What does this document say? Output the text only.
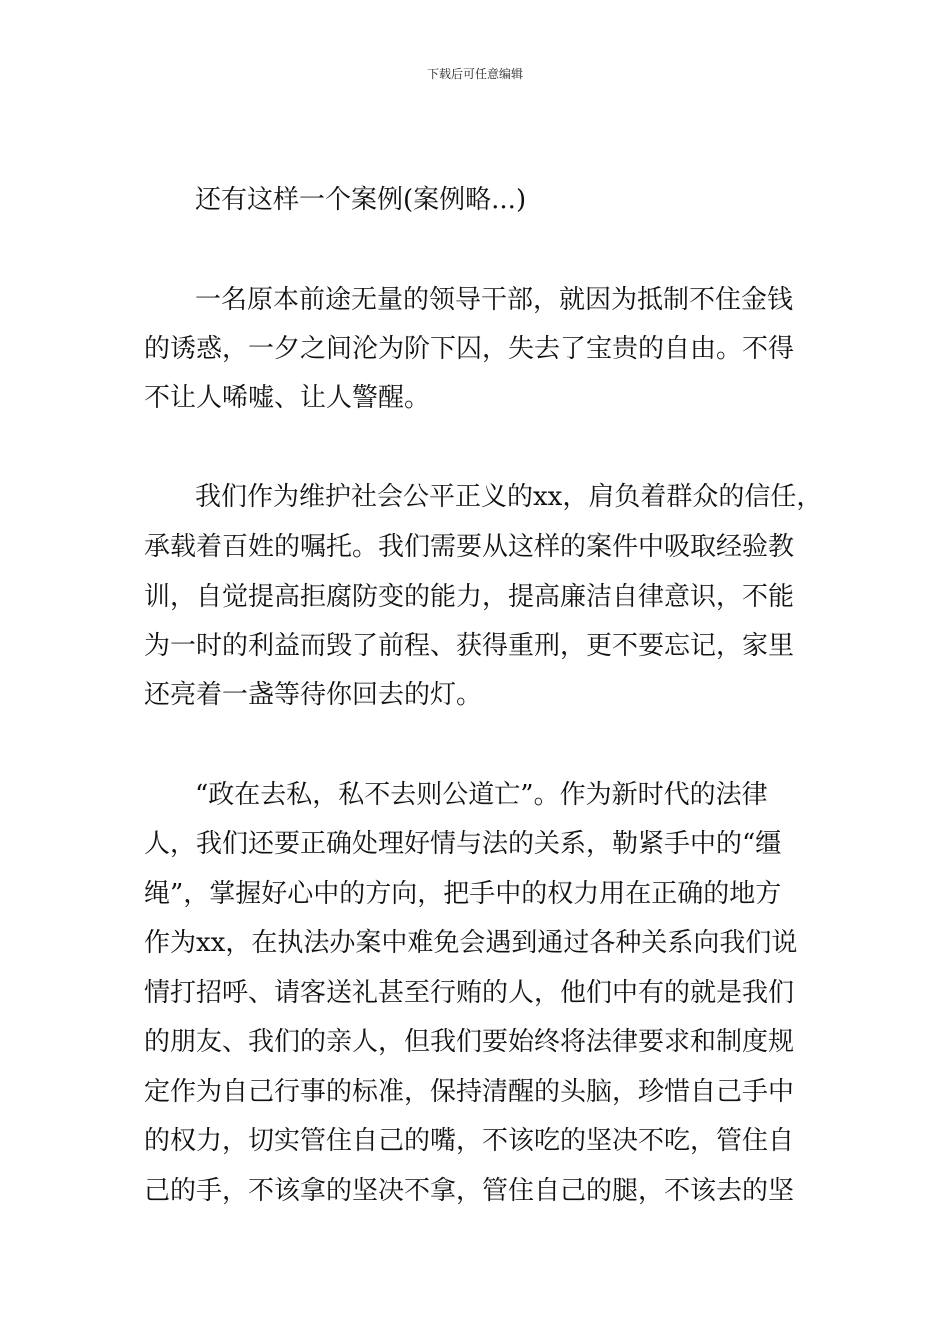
下载后可任意编辑
还有这样一个案例(案例略...)
一名原本前途无量的领导干部，就因为抵制不住金钱
的诱惑，一夕之间沦为阶下囚，失去了宝贵的自由。不得
不让人唏嘘、让人警醒。
我们作为维护社会公平正义的xx，肩负着群众的信任，
承载着百姓的嘱托。我们需要从这样的案件中吸取经验教
训，自觉提高拒腐防变的能力，提高廉洁自律意识，不能
为一时的利益而毁了前程、获得重刑，更不要忘记，家里
还亮着一盏等待你回去的灯。
“政在去私，私不去则公道亡”。作为新时代的法律
人，我们还要正确处理好情与法的关系，勒紧手中的“缰
绳”，掌握好心中的方向，把手中的权力用在正确的地方
作为xx，在执法办案中难免会遇到通过各种关系向我们说
情打招呼、请客送礼甚至行贿的人，他们中有的就是我们
的朋友、我们的亲人，但我们要始终将法律要求和制度规
定作为自己行事的标准，保持清醒的头脑，珍惜自己手中
的权力，切实管住自己的嘴，不该吃的坚决不吃，管住自
己的手，不该拿的坚决不拿，管住自己的腿，不该去的坚
